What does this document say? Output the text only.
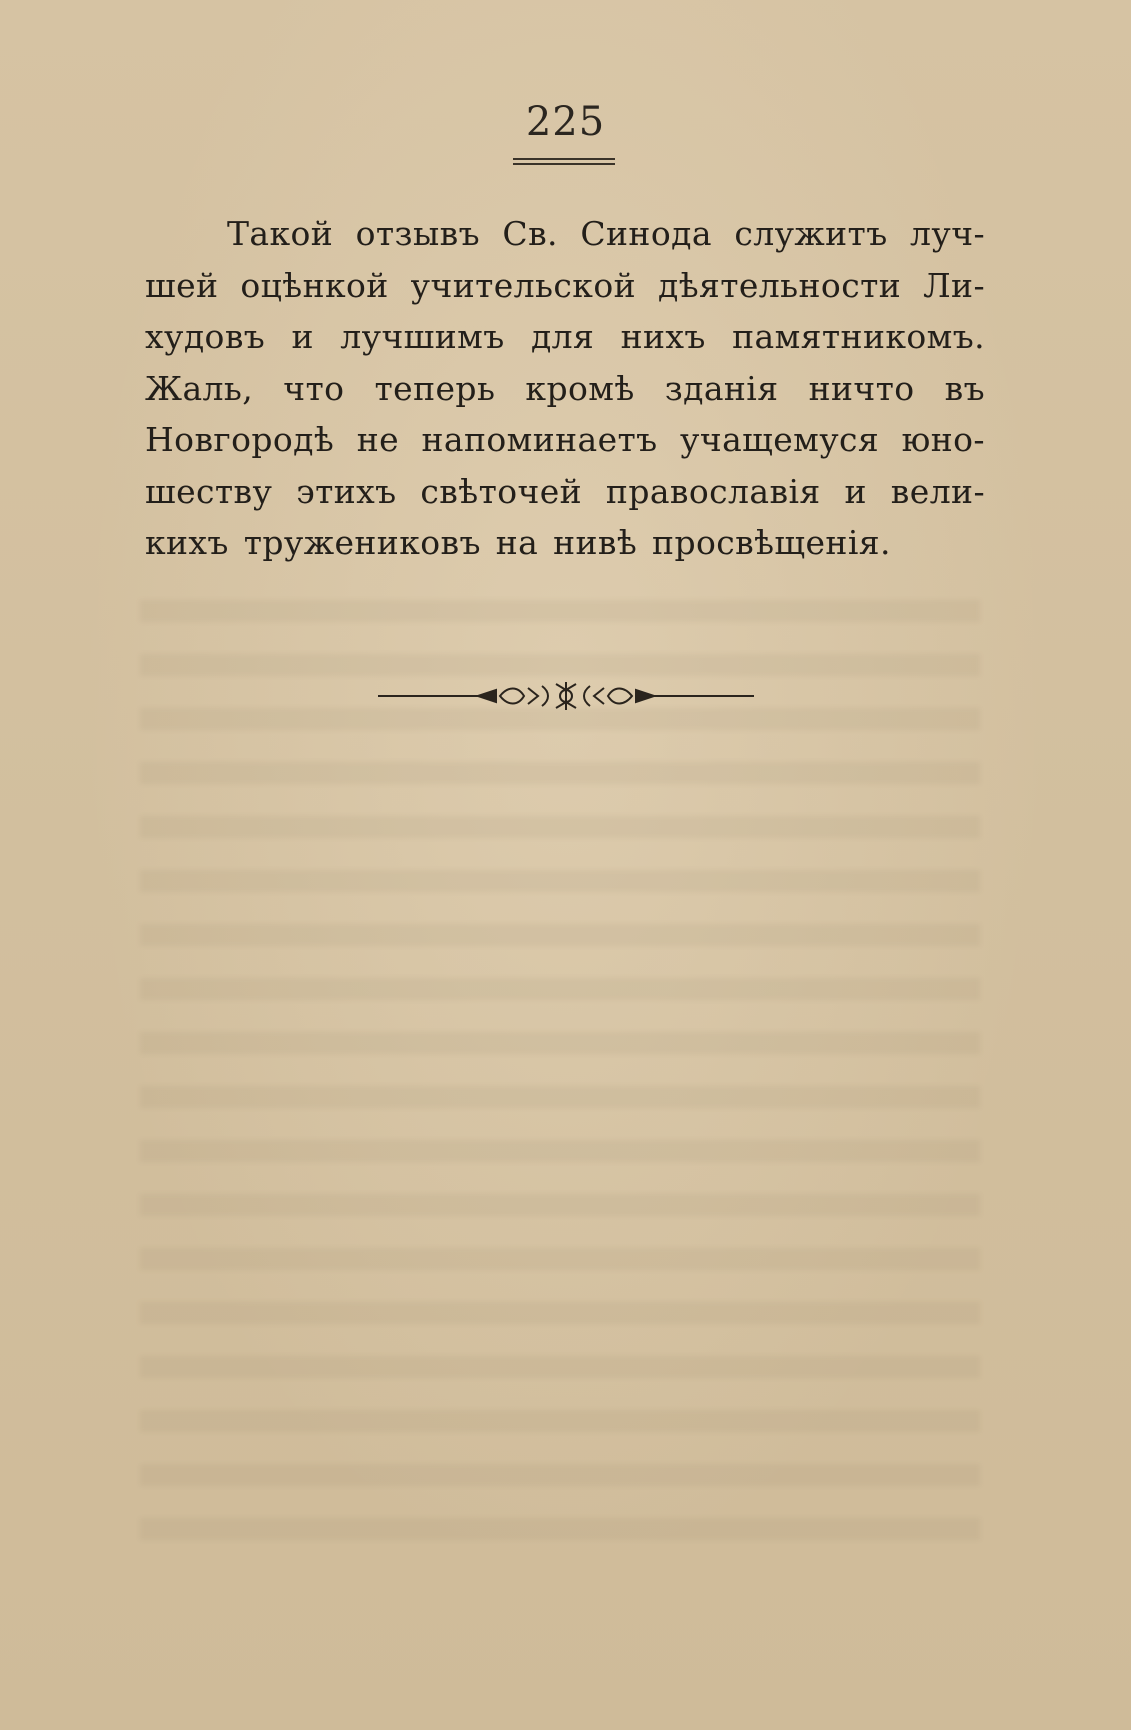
225
Такой отзывъ Св. Синода служитъ луч-
шей оцѣнкой учительской дѣятельности Ли-
худовъ и лучшимъ для нихъ памятникомъ.
Жаль, что теперь кромѣ зданія ничто въ
Новгородѣ не напоминаетъ учащемуся юно-
шеству этихъ свѣточей православія и вели-
кихъ тружениковъ на нивѣ просвѣщенія.
